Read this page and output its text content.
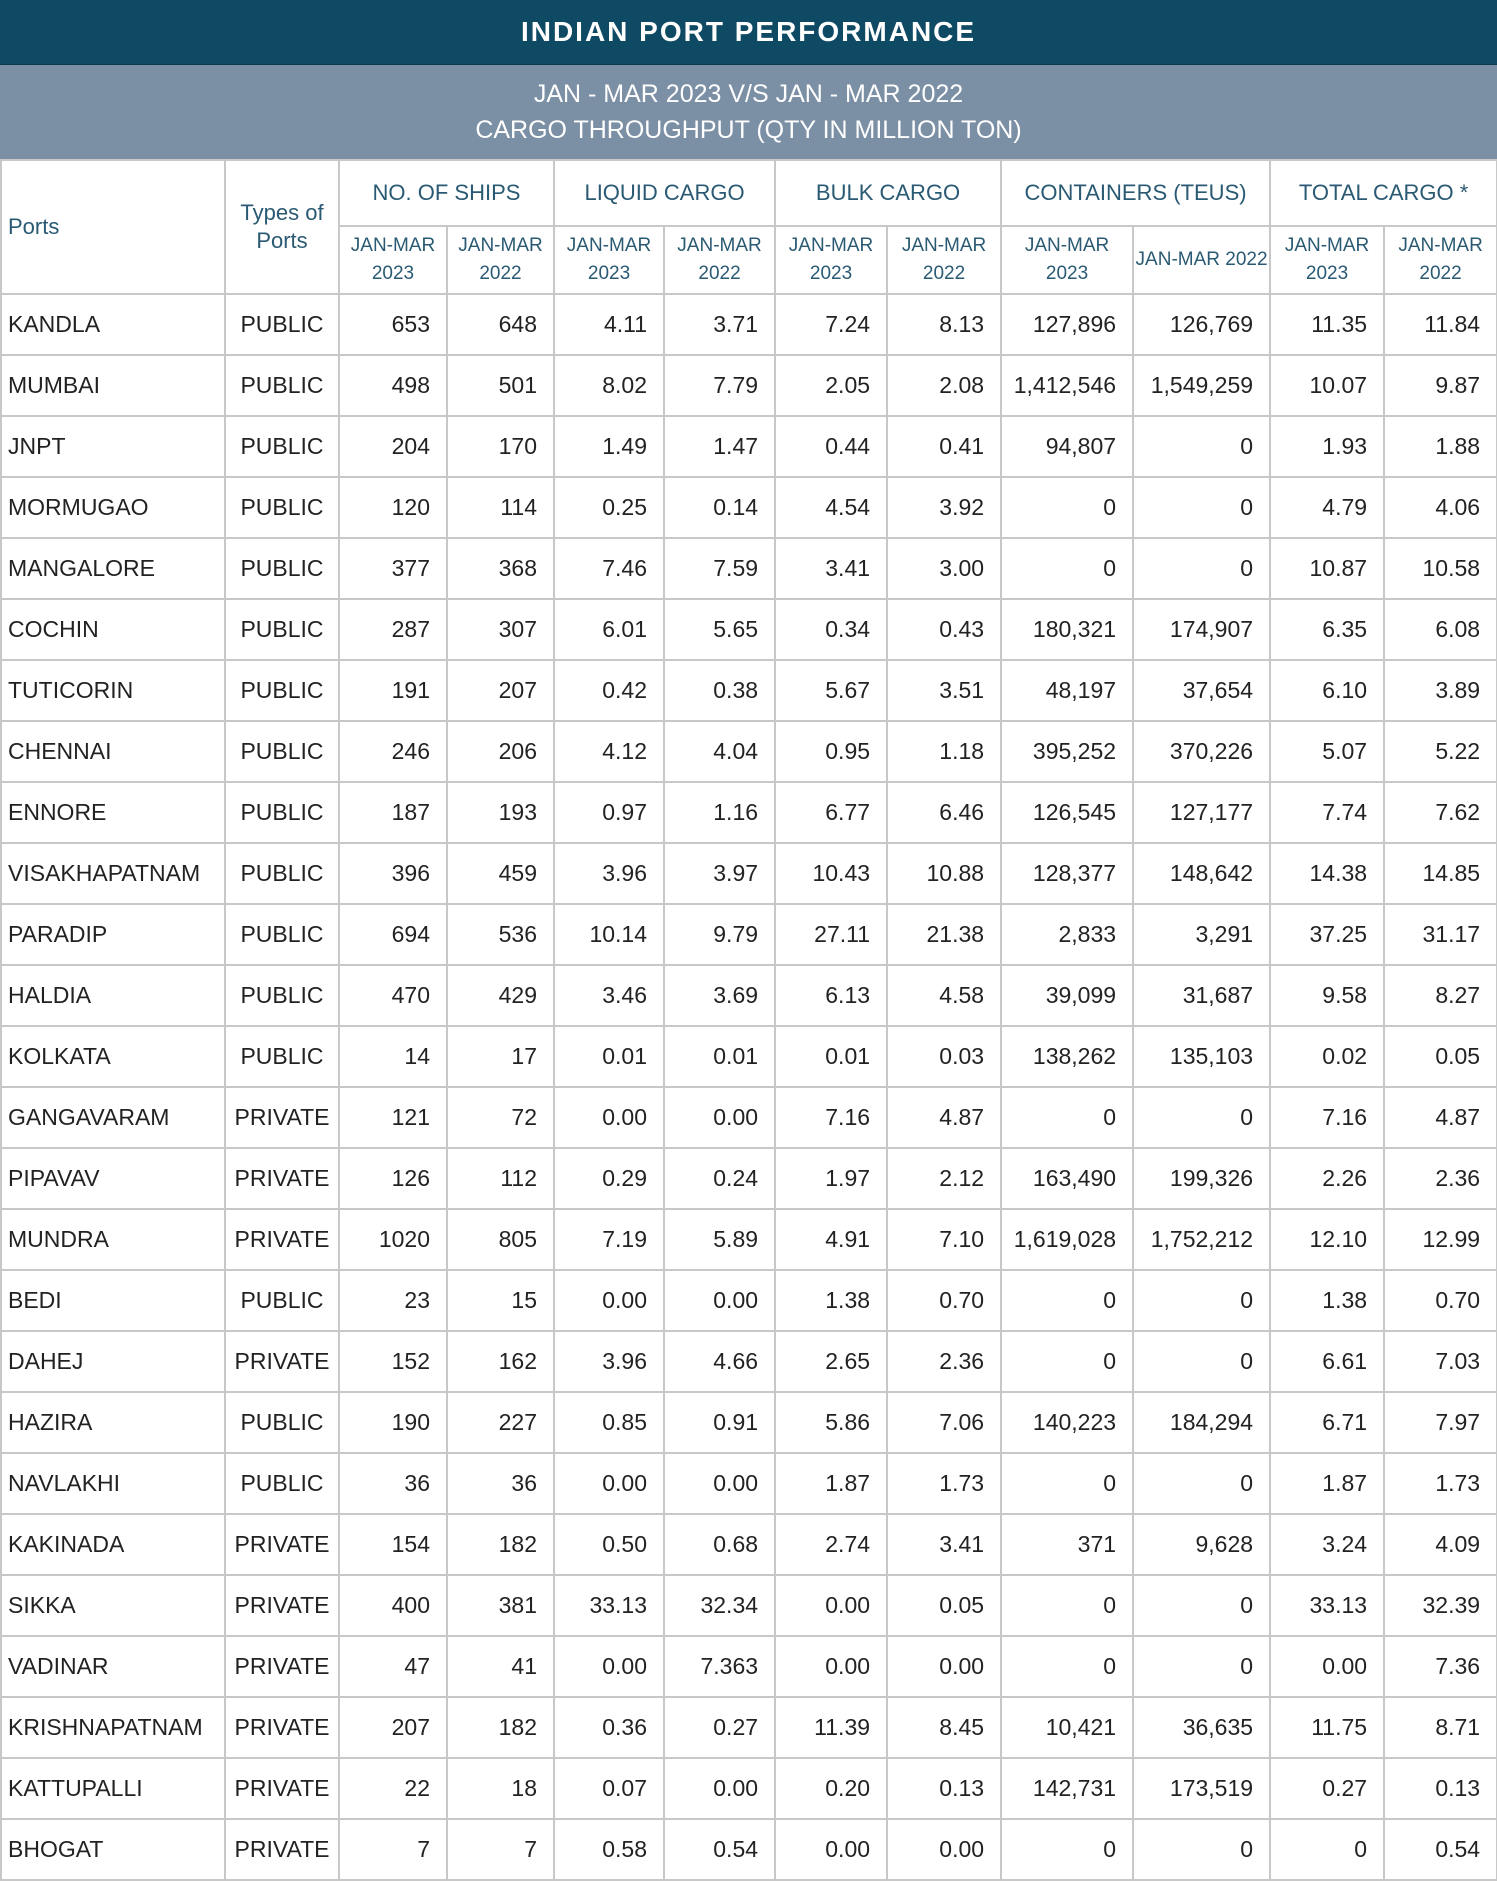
INDIAN PORT PERFORMANCE
JAN - MAR 2023 V/S JAN - MAR 2022
CARGO THROUGHPUT (QTY IN MILLION TON)
Ports	Types of Ports	NO. OF SHIPS		LIQUID CARGO		BULK CARGO		CONTAINERS (TEUS)		TOTAL CARGO *	
		JAN-MAR 2023	JAN-MAR 2022	JAN-MAR 2023	JAN-MAR 2022	JAN-MAR 2023	JAN-MAR 2022	JAN-MAR 2023	JAN-MAR 2022	JAN-MAR 2023	JAN-MAR 2022
KANDLA	PUBLIC	653	648	4.11	3.71	7.24	8.13	127,896	126,769	11.35	11.84
MUMBAI	PUBLIC	498	501	8.02	7.79	2.05	2.08	1,412,546	1,549,259	10.07	9.87
JNPT	PUBLIC	204	170	1.49	1.47	0.44	0.41	94,807	0	1.93	1.88
MORMUGAO	PUBLIC	120	114	0.25	0.14	4.54	3.92	0	0	4.79	4.06
MANGALORE	PUBLIC	377	368	7.46	7.59	3.41	3.00	0	0	10.87	10.58
COCHIN	PUBLIC	287	307	6.01	5.65	0.34	0.43	180,321	174,907	6.35	6.08
TUTICORIN	PUBLIC	191	207	0.42	0.38	5.67	3.51	48,197	37,654	6.10	3.89
CHENNAI	PUBLIC	246	206	4.12	4.04	0.95	1.18	395,252	370,226	5.07	5.22
ENNORE	PUBLIC	187	193	0.97	1.16	6.77	6.46	126,545	127,177	7.74	7.62
VISAKHAPATNAM	PUBLIC	396	459	3.96	3.97	10.43	10.88	128,377	148,642	14.38	14.85
PARADIP	PUBLIC	694	536	10.14	9.79	27.11	21.38	2,833	3,291	37.25	31.17
HALDIA	PUBLIC	470	429	3.46	3.69	6.13	4.58	39,099	31,687	9.58	8.27
KOLKATA	PUBLIC	14	17	0.01	0.01	0.01	0.03	138,262	135,103	0.02	0.05
GANGAVARAM	PRIVATE	121	72	0.00	0.00	7.16	4.87	0	0	7.16	4.87
PIPAVAV	PRIVATE	126	112	0.29	0.24	1.97	2.12	163,490	199,326	2.26	2.36
MUNDRA	PRIVATE	1020	805	7.19	5.89	4.91	7.10	1,619,028	1,752,212	12.10	12.99
BEDI	PUBLIC	23	15	0.00	0.00	1.38	0.70	0	0	1.38	0.70
DAHEJ	PRIVATE	152	162	3.96	4.66	2.65	2.36	0	0	6.61	7.03
HAZIRA	PUBLIC	190	227	0.85	0.91	5.86	7.06	140,223	184,294	6.71	7.97
NAVLAKHI	PUBLIC	36	36	0.00	0.00	1.87	1.73	0	0	1.87	1.73
KAKINADA	PRIVATE	154	182	0.50	0.68	2.74	3.41	371	9,628	3.24	4.09
SIKKA	PRIVATE	400	381	33.13	32.34	0.00	0.05	0	0	33.13	32.39
VADINAR	PRIVATE	47	41	0.00	7.363	0.00	0.00	0	0	0.00	7.36
KRISHNAPATNAM	PRIVATE	207	182	0.36	0.27	11.39	8.45	10,421	36,635	11.75	8.71
KATTUPALLI	PRIVATE	22	18	0.07	0.00	0.20	0.13	142,731	173,519	0.27	0.13
BHOGAT	PRIVATE	7	7	0.58	0.54	0.00	0.00	0	0	0	0.54
